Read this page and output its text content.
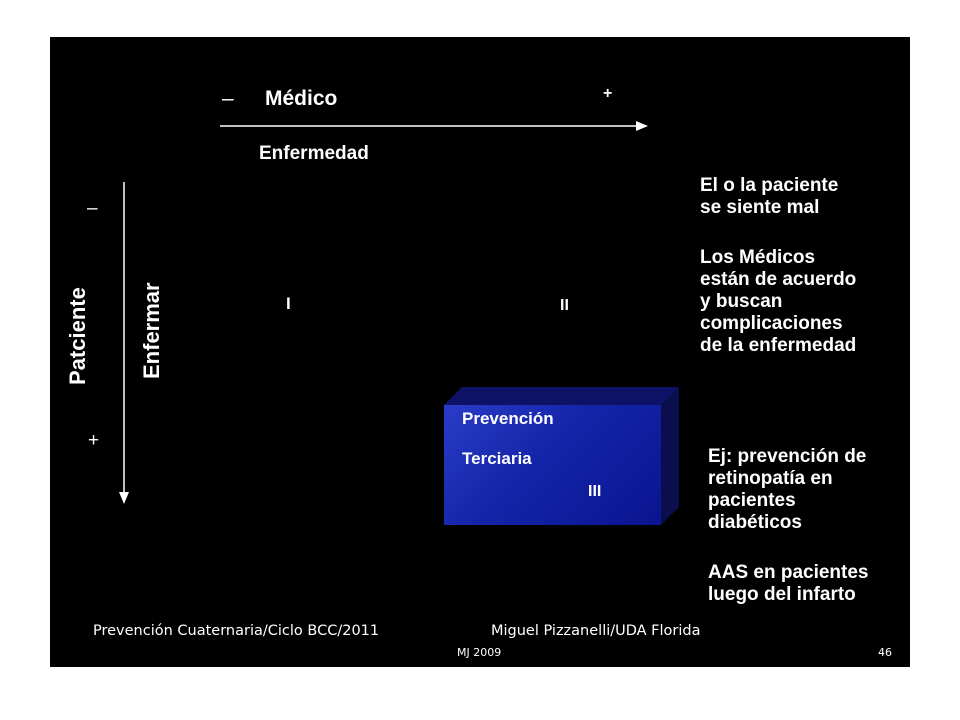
– Médico	+
Enfermedad
–
+
Patciente Enfermar	I	II
Prevención
Terciaria
III
El o la paciente
se siente mal
Los Médicos
están de acuerdo
y buscan
complicaciones
de la enfermedad
Ej: prevención de
retinopatía en
pacientes
diabéticos
AAS en pacientes
luego del infarto
Prevención Cuaternaria/Ciclo BCC/2011	Miguel Pizzanelli/UDA Florida
MJ 2009	46
